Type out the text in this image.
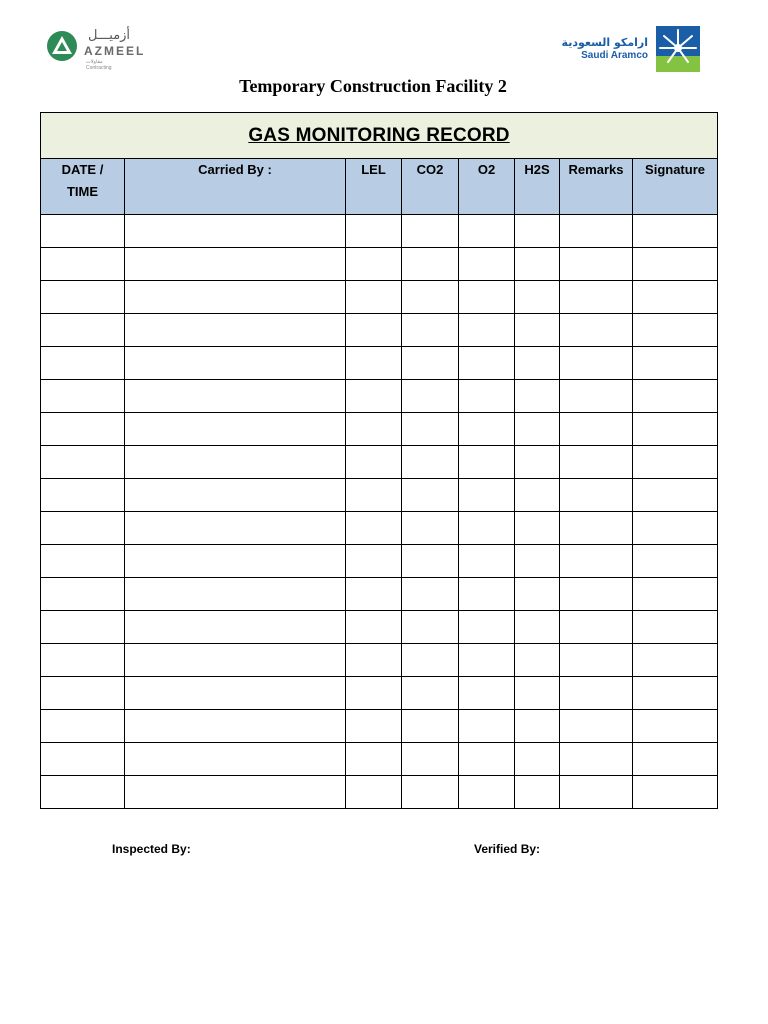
أزميـــل
AZMEEL
مقاولات
Contracting
ارامكو السعودية
Saudi Aramco
Temporary Construction Facility 2
GAS MONITORING RECORD							

DATE / TIME	Carried By :	LEL	CO2	O2	H2S	Remarks	Signature

Inspected By:	Verified By:
